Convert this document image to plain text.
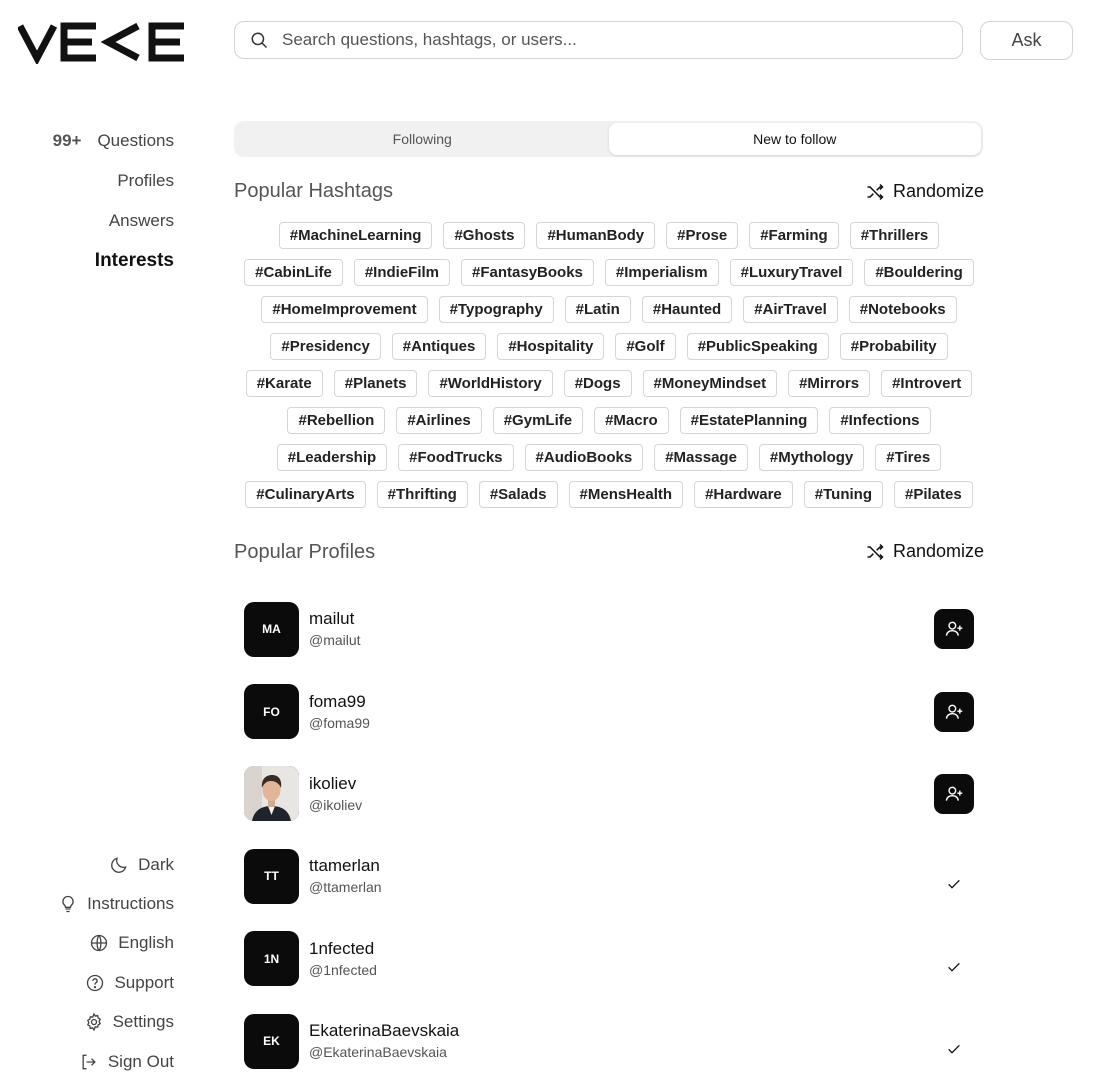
Search questions, hashtags, or users...
Ask
99+ Questions
Profiles
Answers
Interests
Dark
Instructions
English
Support
Settings
Sign Out
Following	New to follow
Popular Hashtags	Randomize
#MachineLearning	#Ghosts	#HumanBody	#Prose	#Farming	#Thrillers
#CabinLife	#IndieFilm	#FantasyBooks	#Imperialism	#LuxuryTravel	#Bouldering
#HomeImprovement	#Typography	#Latin	#Haunted	#AirTravel	#Notebooks
#Presidency	#Antiques	#Hospitality	#Golf	#PublicSpeaking	#Probability
#Karate	#Planets	#WorldHistory	#Dogs	#MoneyMindset	#Mirrors	#Introvert
#Rebellion	#Airlines	#GymLife	#Macro	#EstatePlanning	#Infections
#Leadership	#FoodTrucks	#AudioBooks	#Massage	#Mythology	#Tires
#CulinaryArts	#Thrifting	#Salads	#MensHealth	#Hardware	#Tuning	#Pilates
Popular Profiles	Randomize
MA
mailut
@mailut
FO
foma99
@foma99
ikoliev
@ikoliev
TT
ttamerlan
@ttamerlan
1N
1nfected
@1nfected
EK
EkaterinaBaevskaia
@EkaterinaBaevskaia
